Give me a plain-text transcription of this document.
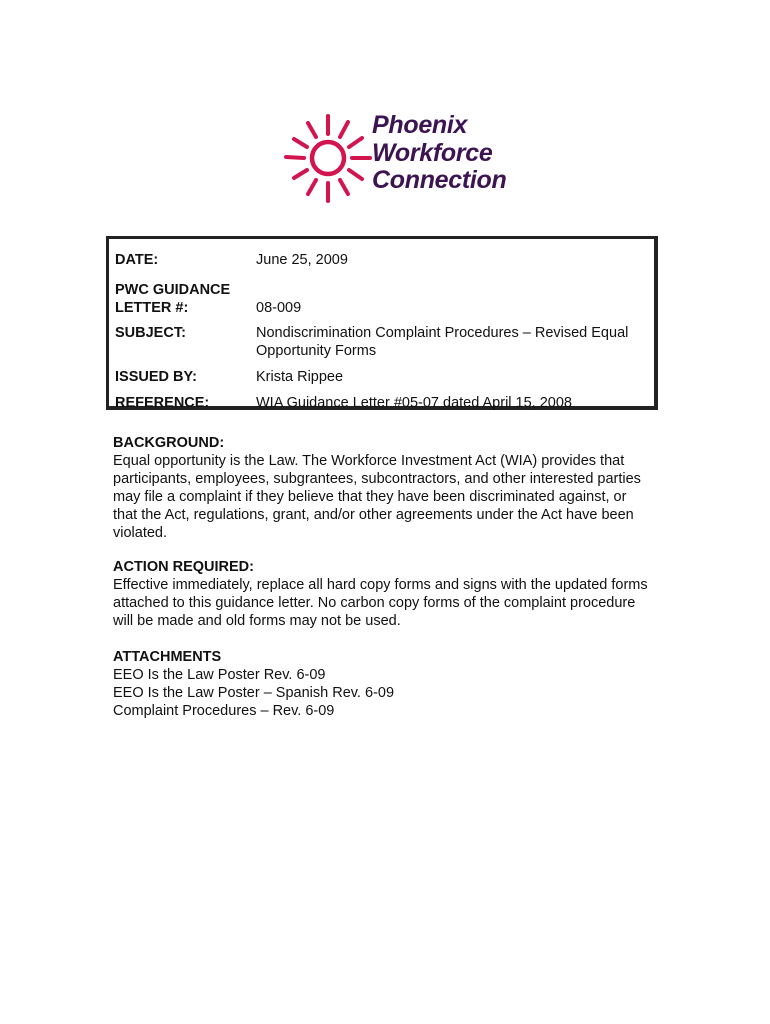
Phoenix
Workforce
Connection
DATE:	June 25, 2009
PWC GUIDANCE
LETTER #:	08-009
SUBJECT:	Nondiscrimination Complaint Procedures – Revised Equal Opportunity Forms
ISSUED BY:	Krista Rippee
REFERENCE:	WIA Guidance Letter #05-07 dated April 15, 2008
BACKGROUND:

Equal opportunity is the Law. The Workforce Investment Act (WIA) provides that participants, employees, subgrantees, subcontractors, and other interested parties may file a complaint if they believe that they have been discriminated against, or that the Act, regulations, grant, and/or other agreements under the Act have been violated.

ACTION REQUIRED:

Effective immediately, replace all hard copy forms and signs with the updated forms attached to this guidance letter. No carbon copy forms of the complaint procedure will be made and old forms may not be used.

ATTACHMENTS
EEO Is the Law Poster Rev. 6-09
EEO Is the Law Poster – Spanish Rev. 6-09
Complaint Procedures – Rev. 6-09
